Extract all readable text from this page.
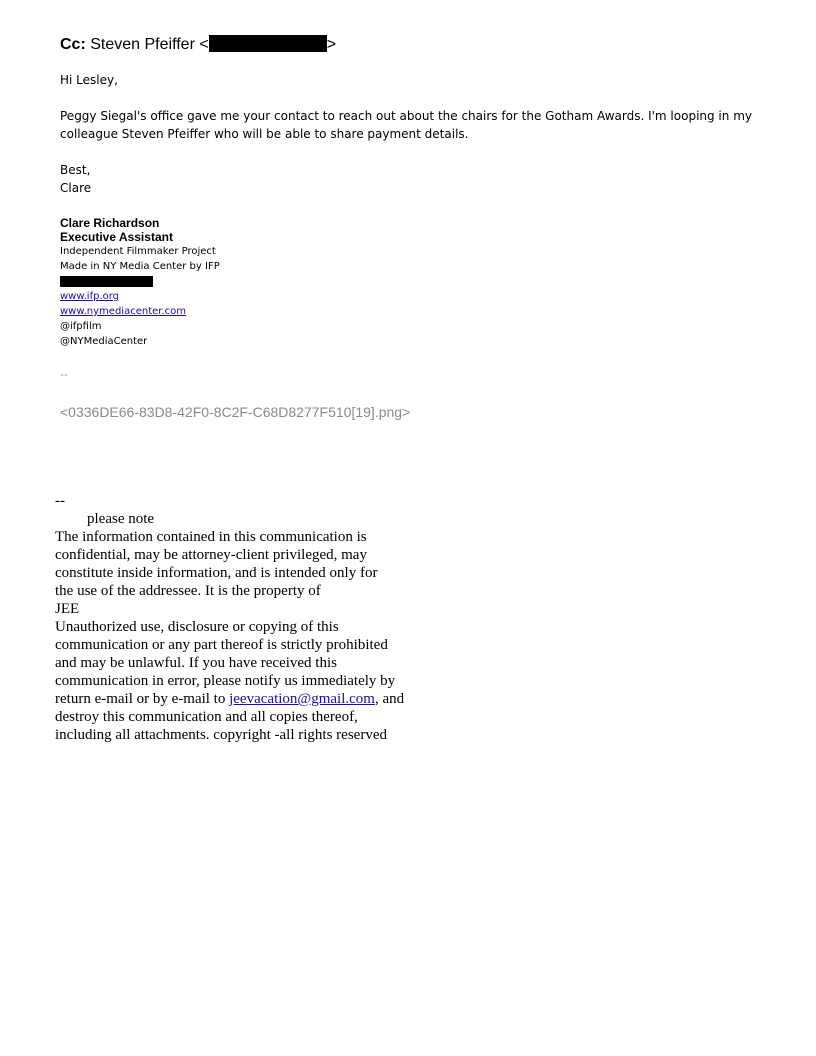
Cc: Steven Pfeiffer <	>
Hi Lesley,
Peggy Siegal's office gave me your contact to reach out about the chairs for the Gotham Awards. I'm looping in my colleague Steven Pfeiffer who will be able to share payment details.
Best,
Clare
Clare Richardson
Executive Assistant
Independent Filmmaker Project
Made in NY Media Center by IFP
www.ifp.org
www.nymediacenter.com
@ifpfilm
@NYMediaCenter
--
<0336DE66-83D8-42F0-8C2F-C68D8277F510[19].png>
--
please note
The information contained in this communication is
confidential, may be attorney-client privileged, may
constitute inside information, and is intended only for
the use of the addressee. It is the property of
JEE
Unauthorized use, disclosure or copying of this
communication or any part thereof is strictly prohibited
and may be unlawful. If you have received this
communication in error, please notify us immediately by
return e-mail or by e-mail to jeevacation@gmail.com, and
destroy this communication and all copies thereof,
including all attachments. copyright -all rights reserved
